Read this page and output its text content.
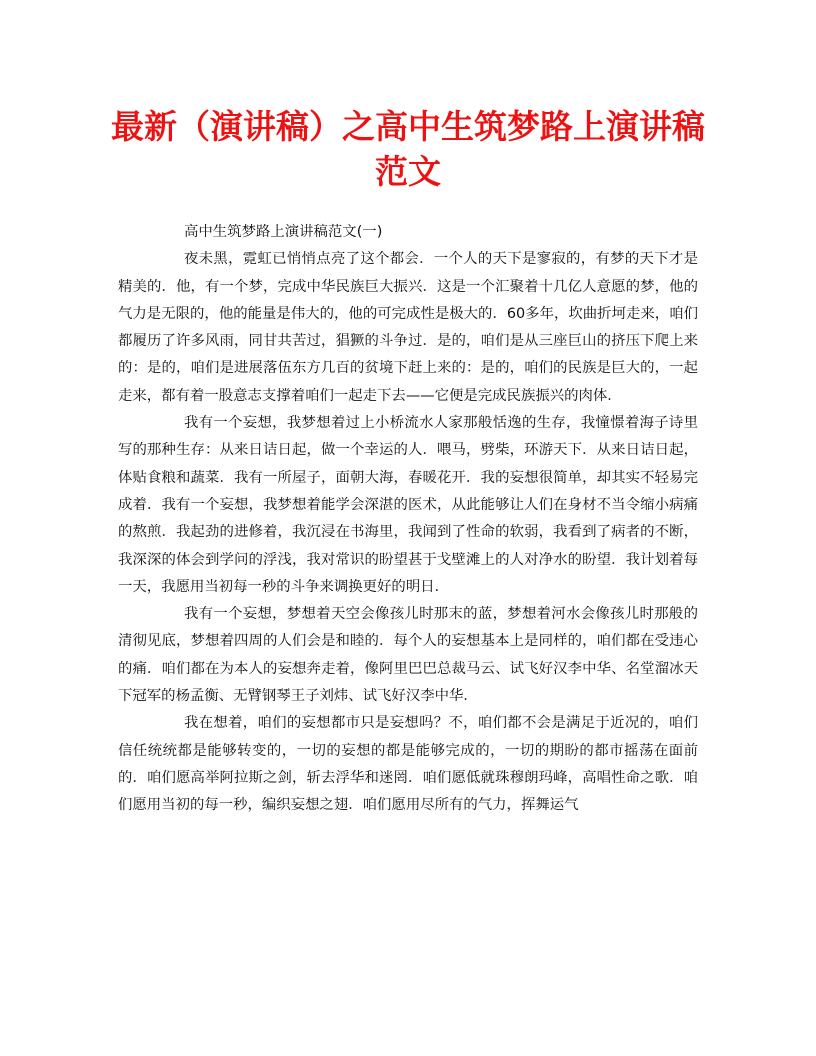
最新（演讲稿）之高中生筑梦路上演讲稿范文

高中生筑梦路上演讲稿范文(一)

夜未黑，霓虹已悄悄点亮了这个都会．一个人的天下是寥寂的，有梦的天下才是精美的．他，有一个梦，完成中华民族巨大振兴．这是一个汇聚着十几亿人意愿的梦，他的气力是无限的，他的能量是伟大的，他的可完成性是极大的．60多年，坎曲折坷走来，咱们都履历了许多风雨，同甘共苦过，猖獗的斗争过．是的，咱们是从三座巨山的挤压下爬上来的：是的，咱们是进展落伍东方几百的贫境下赶上来的：是的，咱们的民族是巨大的，一起走来，都有着一股意志支撑着咱们一起走下去——它便是完成民族振兴的肉体．

我有一个妄想，我梦想着过上小桥流水人家那般恬逸的生存，我憧憬着海子诗里写的那种生存：从来日诘日起，做一个幸运的人．喂马，劈柴，环游天下．从来日诘日起，体贴食粮和蔬菜．我有一所屋子，面朝大海，春暖花开．我的妄想很简单，却其实不轻易完成着．我有一个妄想，我梦想着能学会深湛的医术，从此能够让人们在身材不当令缩小病痛的熬煎．我起劲的进修着，我沉浸在书海里，我闻到了性命的软弱，我看到了病者的不断，我深深的体会到学问的浮浅，我对常识的盼望甚于戈壁滩上的人对净水的盼望．我计划着每一天，我愿用当初每一秒的斗争来调换更好的明日．

我有一个妄想，梦想着天空会像孩儿时那末的蓝，梦想着河水会像孩儿时那般的清彻见底，梦想着四周的人们会是和睦的．每个人的妄想基本上是同样的，咱们都在受违心的痛．咱们都在为本人的妄想奔走着，像阿里巴巴总裁马云、试飞好汉李中华、名堂溜冰天下冠军的杨孟衡、无臂钢琴王子刘炜、试飞好汉李中华．

我在想着，咱们的妄想都市只是妄想吗？不，咱们都不会是满足于近况的，咱们信任统统都是能够转变的，一切的妄想的都是能够完成的，一切的期盼的都市摇荡在面前的．咱们愿高举阿拉斯之剑，斩去浮华和迷罔．咱们愿低就珠穆朗玛峰，高唱性命之歌．咱们愿用当初的每一秒，编织妄想之翅．咱们愿用尽所有的气力，挥舞运气
